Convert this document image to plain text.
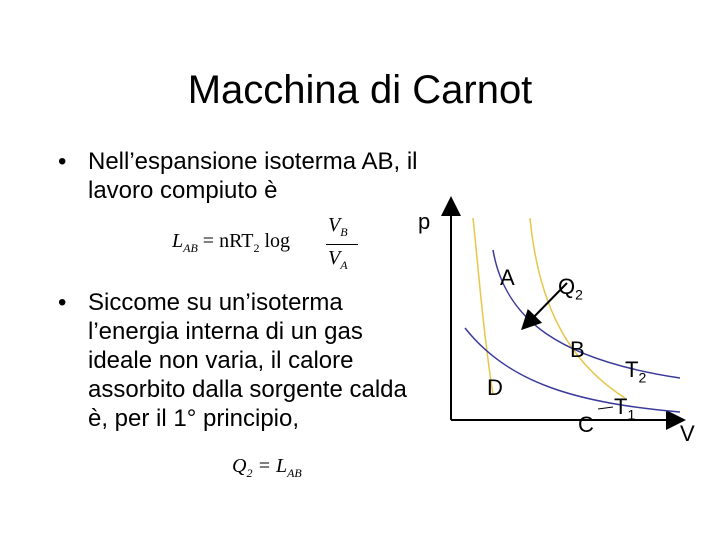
Macchina di Carnot
• Nell’espansione isoterma AB, il lavoro compiuto è
$L_{AB} = nRT_2$ log
$V_B$
$V_A$
• Siccome su un’isoterma l’energia interna di un gas ideale non varia, il calore assorbito dalla sorgente calda è, per il 1° principio,
$Q_2 = L_{AB}$
p
V
A
B
C
D
$Q_2$
$T_2$
$T_1$
